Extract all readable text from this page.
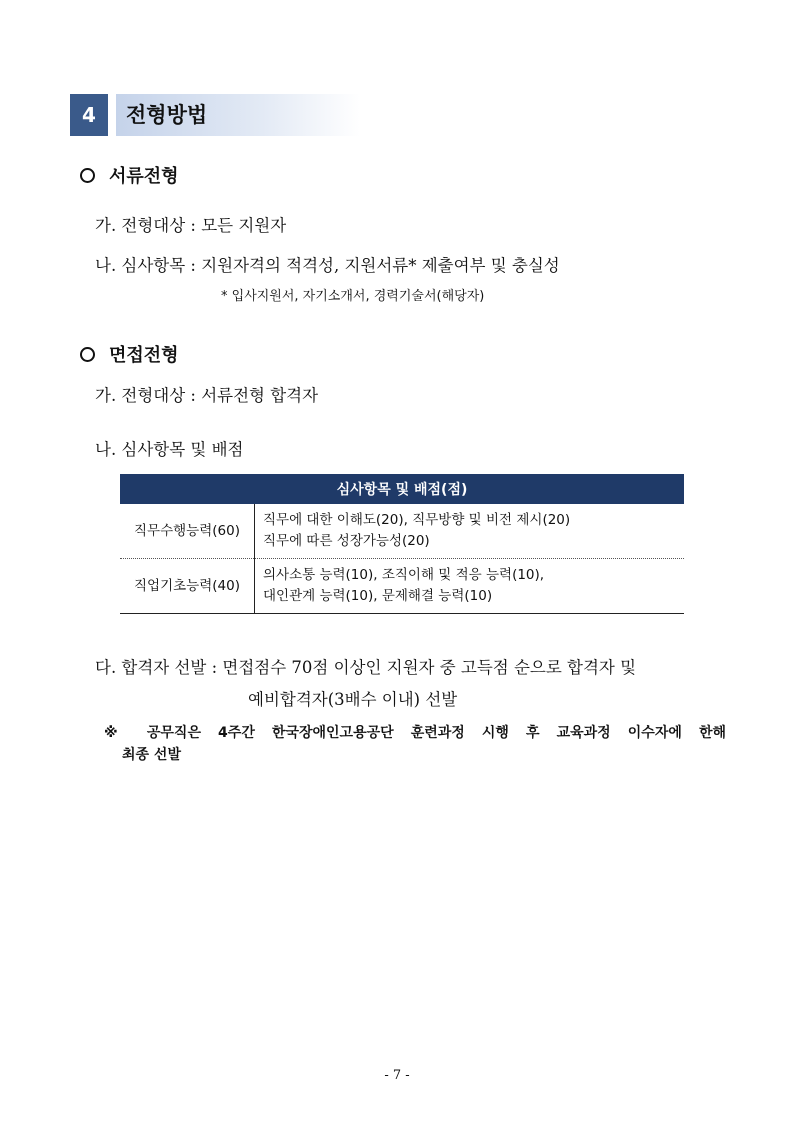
4	전형방법
서류전형
가. 전형대상 : 모든 지원자
나. 심사항목 : 지원자격의 적격성, 지원서류* 제출여부 및 충실성
* 입사지원서, 자기소개서, 경력기술서(해당자)
면접전형
가. 전형대상 : 서류전형 합격자
나. 심사항목 및 배점
심사항목 및 배점(점)	
직무수행능력(60)	직무에 대한 이해도(20), 직무방향 및 비전 제시(20)
직무에 따른 성장가능성(20)

직업기초능력(40)	의사소통 능력(10), 조직이해 및 적응 능력(10),
대인관계 능력(10), 문제해결 능력(10)
다. 합격자 선발 : 면접점수 70점 이상인 지원자 중 고득점 순으로 합격자 및
예비합격자(3배수 이내) 선발
※ 공무직은 4주간 한국장애인고용공단 훈련과정 시행 후 교육과정 이수자에 한해
최종 선발
- 7 -
